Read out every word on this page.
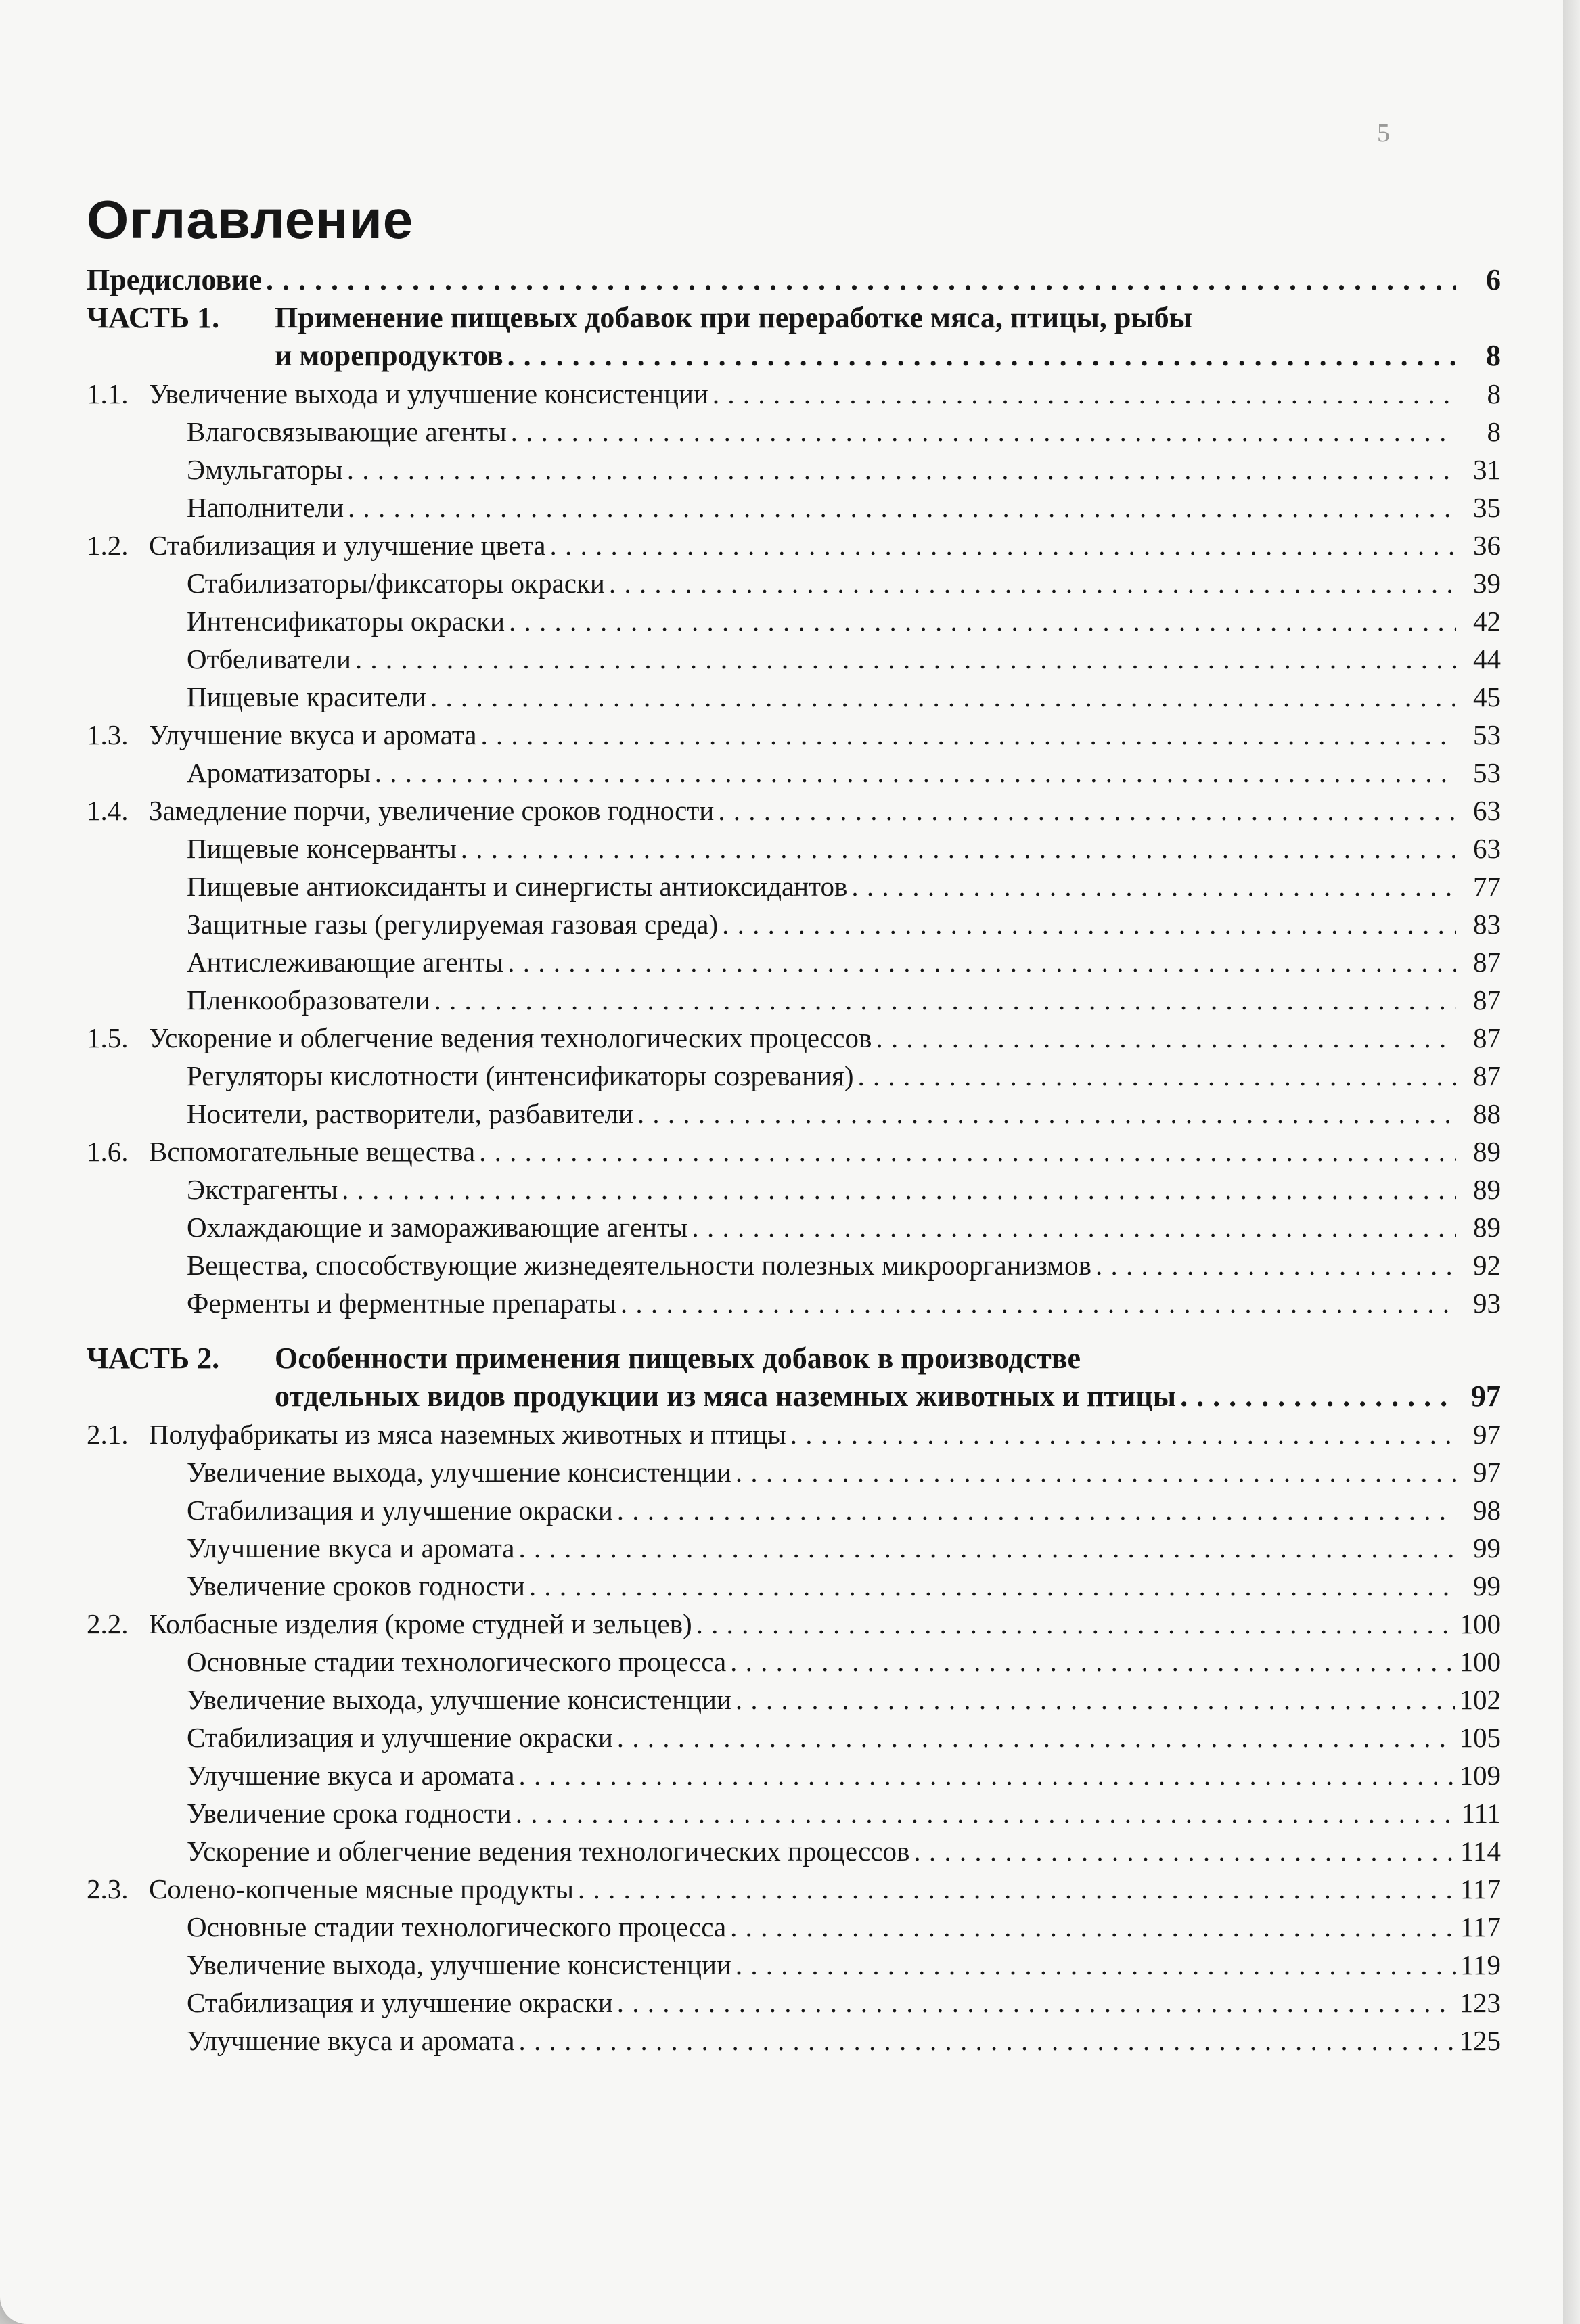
5
Оглавление
Предисловие . . .	6
ЧАСТЬ 1.	Применение пищевых добавок при переработке мяса, птицы, рыбы
и морепродуктов . . .	8
1.1. Увеличение выхода и улучшение консистенции . . .	8
Влагосвязывающие агенты . . .	8
Эмульгаторы . . .	31
Наполнители . . .	35
1.2. Стабилизация и улучшение цвета . . .	36
Стабилизаторы/фиксаторы окраски . . .	39
Интенсификаторы окраски . . .	42
Отбеливатели . . .	44
Пищевые красители . . .	45
1.3. Улучшение вкуса и аромата . . .	53
Ароматизаторы . . .	53
1.4. Замедление порчи, увеличение сроков годности . . .	63
Пищевые консерванты . . .	63
Пищевые антиоксиданты и синергисты антиоксидантов . . .	77
Защитные газы (регулируемая газовая среда) . . .	83
Антислеживающие агенты . . .	87
Пленкообразователи . . .	87
1.5. Ускорение и облегчение ведения технологических процессов . . .	87
Регуляторы кислотности (интенсификаторы созревания) . . .	87
Носители, растворители, разбавители . . .	88
1.6. Вспомогательные вещества . . .	89
Экстрагенты . . .	89
Охлаждающие и замораживающие агенты . . .	89
Вещества, способствующие жизнедеятельности полезных микроорганизмов . . .	92
Ферменты и ферментные препараты . . .	93
ЧАСТЬ 2.	Особенности применения пищевых добавок в производстве
отдельных видов продукции из мяса наземных животных и птицы . . .	97
2.1. Полуфабрикаты из мяса наземных животных и птицы . . .	97
Увеличение выхода, улучшение консистенции . . .	97
Стабилизация и улучшение окраски . . .	98
Улучшение вкуса и аромата . . .	99
Увеличение сроков годности . . .	99
2.2. Колбасные изделия (кроме студней и зельцев) . . .	100
Основные стадии технологического процесса . . .	100
Увеличение выхода, улучшение консистенции . . .	102
Стабилизация и улучшение окраски . . .	105
Улучшение вкуса и аромата . . .	109
Увеличение срока годности . . .	111
Ускорение и облегчение ведения технологических процессов . . .	114
2.3. Солено-копченые мясные продукты . . .	117
Основные стадии технологического процесса . . .	117
Увеличение выхода, улучшение консистенции . . .	119
Стабилизация и улучшение окраски . . .	123
Улучшение вкуса и аромата . . .	125
